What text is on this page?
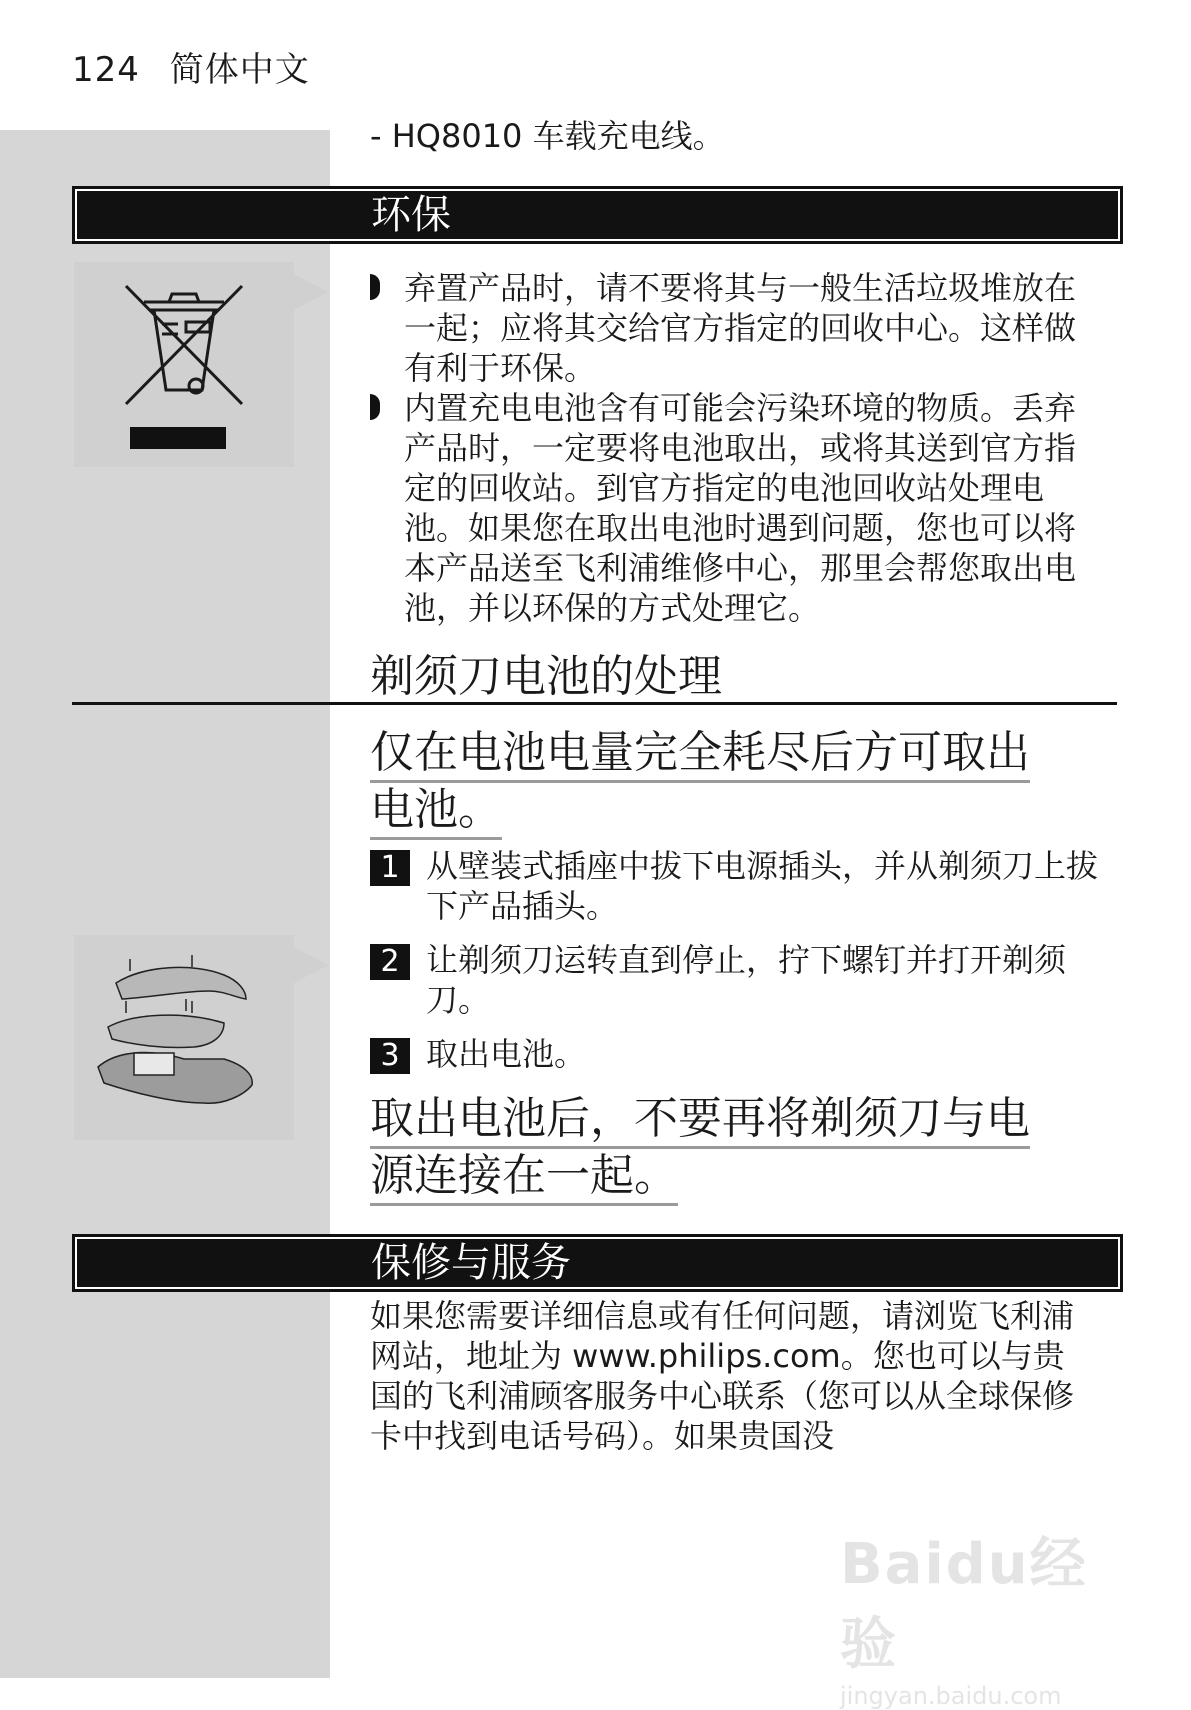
124 简体中文
- HQ8010 车载充电线。
环保
弃置产品时，请不要将其与一般生活垃圾堆放在一起；应将其交给官方指定的回收中心。这样做有利于环保。
内置充电电池含有可能会污染环境的物质。丢弃产品时，一定要将电池取出，或将其送到官方指定的回收站。到官方指定的电池回收站处理电池。如果您在取出电池时遇到问题，您也可以将本产品送至飞利浦维修中心，那里会帮您取出电池，并以环保的方式处理它。
剃须刀电池的处理
仅在电池电量完全耗尽后方可取出
电池。
1 从壁装式插座中拔下电源插头，并从剃须刀上拔下产品插头。
2 让剃须刀运转直到停止，拧下螺钉并打开剃须刀。
3 取出电池。
取出电池后，不要再将剃须刀与电
源连接在一起。
保修与服务
如果您需要详细信息或有任何问题，请浏览飞利浦网站，地址为 www.philips.com。您也可以与贵国的飞利浦顾客服务中心联系（您可以从全球保修卡中找到电话号码）。如果贵国没
Baidu经验
jingyan.baidu.com
